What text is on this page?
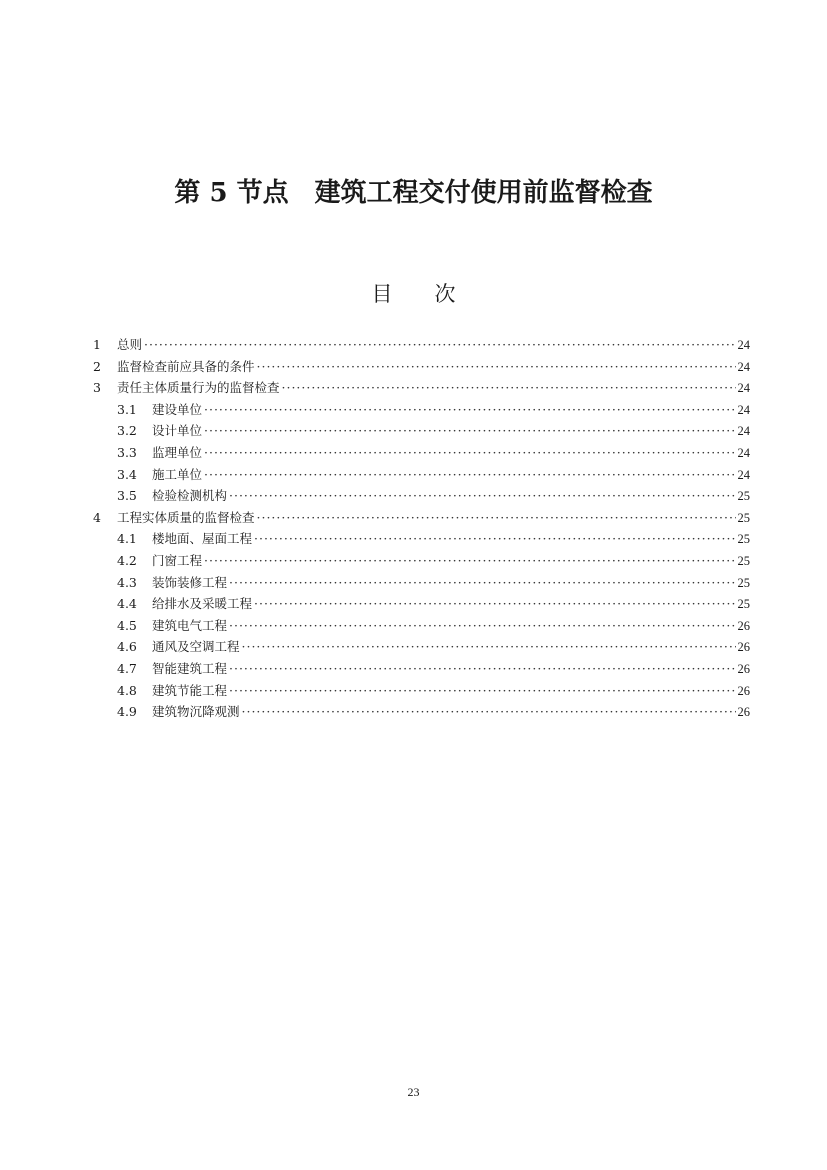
第 5 节点　建筑工程交付使用前监督检查
目　　次
1	总则 ·····	24
2	监督检查前应具备的条件 ·····	24
3	责任主体质量行为的监督检查 ·····	24
3.1	建设单位 ·····	24
3.2	设计单位 ·····	24
3.3	监理单位 ·····	24
3.4	施工单位 ·····	24
3.5	检验检测机构 ·····	25
4	工程实体质量的监督检查 ·····	25
4.1	楼地面、屋面工程 ·····	25
4.2	门窗工程 ·····	25
4.3	装饰装修工程 ·····	25
4.4	给排水及采暖工程 ·····	25
4.5	建筑电气工程 ·····	26
4.6	通风及空调工程 ·····	26
4.7	智能建筑工程 ·····	26
4.8	建筑节能工程 ·····	26
4.9	建筑物沉降观测 ·····	26
23
